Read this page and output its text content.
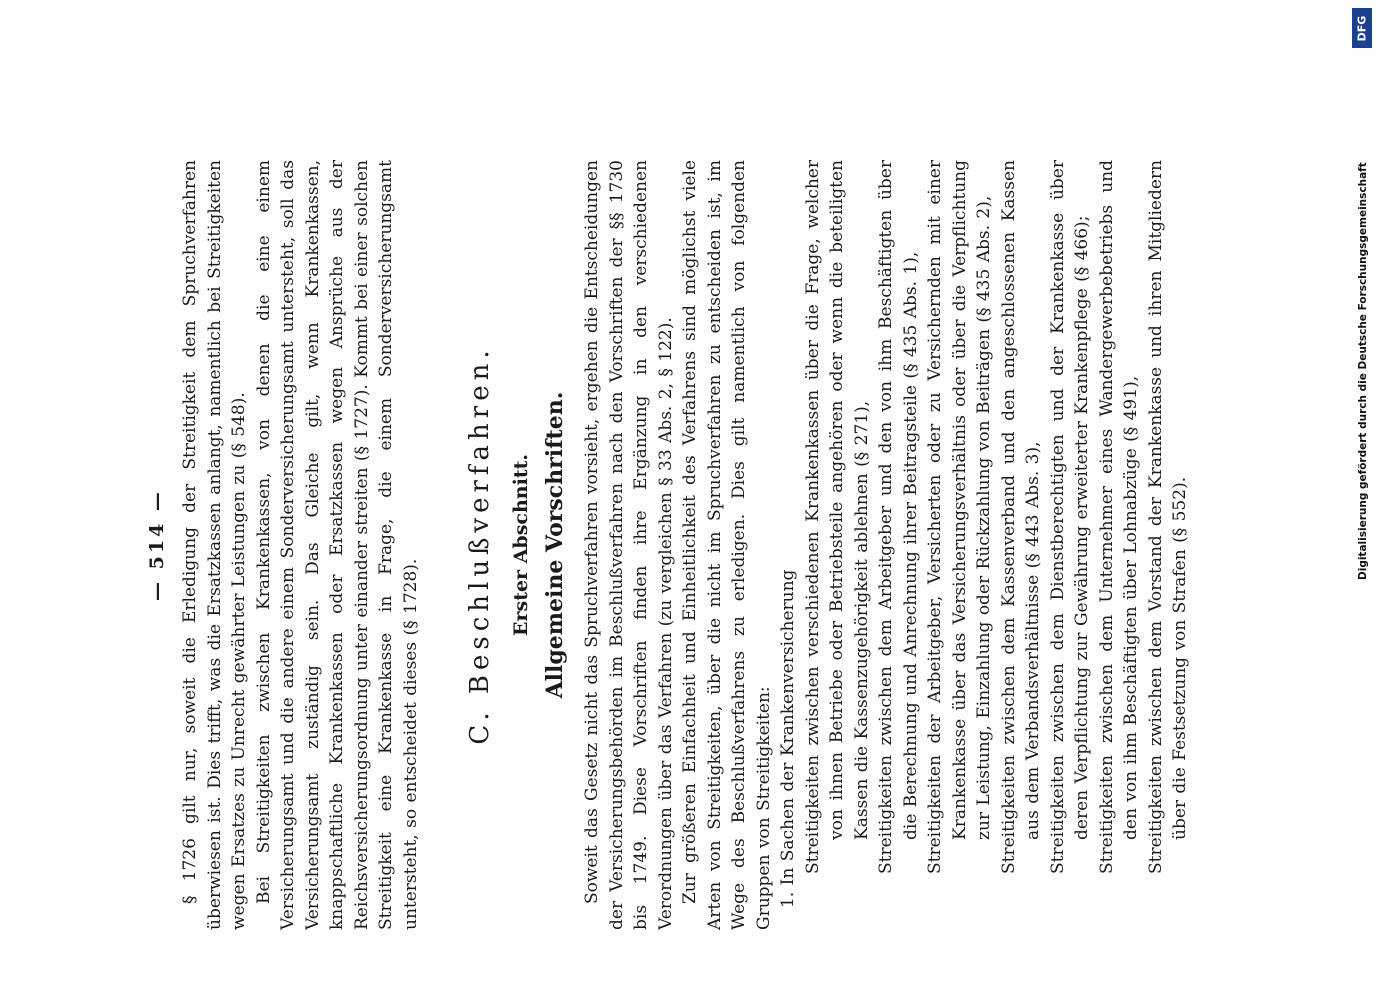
— 514 — § 1726 gilt nur, soweit die Erledigung der Streitigkeit dem Spruchverfahren überwiesen ist. Dies trifft, was die Ersatzkassen anlangt, namentlich bei Streitigkeiten wegen Ersatzes zu Unrecht gewährter Leistungen zu (§ 548). Bei Streitigkeiten zwischen Krankenkassen, von denen die eine einem Versicherungsamt und die andere einem Sonderversicherungsamt untersteht, soll das Versicherungsamt zuständig sein. Das Gleiche gilt, wenn Krankenkassen, knappschaftliche Krankenkassen oder Ersatzkassen wegen Ansprüche aus der Reichsversicherungsordnung unter einander streiten (§ 1727). Kommt bei einer solchen Streitigkeit eine Krankenkasse in Frage, die einem Sonderversicherungsamt untersteht, so entscheidet dieses (§ 1728). C. Beschlußverfahren. Erster Abschnitt. Allgemeine Vorschriften. Soweit das Gesetz nicht das Spruchverfahren vorsieht, ergehen die Entscheidungen der Versicherungsbehörden im Beschlußverfahren nach den Vorschriften der §§ 1730 bis 1749. Diese Vorschriften finden ihre Ergänzung in den verschiedenen Verordnungen über das Verfahren (zu vergleichen § 33 Abs. 2, § 122). Zur größeren Einfachheit und Einheitlichkeit des Verfahrens sind möglichst viele Arten von Streitigkeiten, über die nicht im Spruchverfahren zu entscheiden ist, im Wege des Beschlußverfahrens zu erledigen. Dies gilt namentlich von folgenden Gruppen von Streitigkeiten: 1. In Sachen der Krankenversicherung Streitigkeiten zwischen verschiedenen Krankenkassen über die Frage, welcher von ihnen Betriebe oder Betriebsteile angehören oder wenn die beteiligten Kassen die Kassenzugehörigkeit ablehnen (§ 271), Streitigkeiten zwischen dem Arbeitgeber und den von ihm Beschäftigten über die Berechnung und Anrechnung ihrer Beitragsteile (§ 435 Abs. 1), Streitigkeiten der Arbeitgeber, Versicherten oder zu Versichernden mit einer Krankenkasse über das Versicherungsverhältnis oder über die Verpflichtung zur Leistung, Einzahlung oder Rückzahlung von Beiträgen (§ 435 Abs. 2), Streitigkeiten zwischen dem Kassenverband und den angeschlossenen Kassen aus dem Verbandsverhältnisse (§ 443 Abs. 3), Streitigkeiten zwischen dem Dienstberechtigten und der Krankenkasse über deren Verpflichtung zur Gewährung erweiterter Krankenpflege (§ 466); Streitigkeiten zwischen dem Unternehmer eines Wandergewerbebetriebs und den von ihm Beschäftigten über Lohnabzüge (§ 491), Streitigkeiten zwischen dem Vorstand der Krankenkasse und ihren Mitgliedern über die Festsetzung von Strafen (§ 552).

DFG
Digitalisierung gefördert durch die Deutsche Forschungsgemeinschaft
